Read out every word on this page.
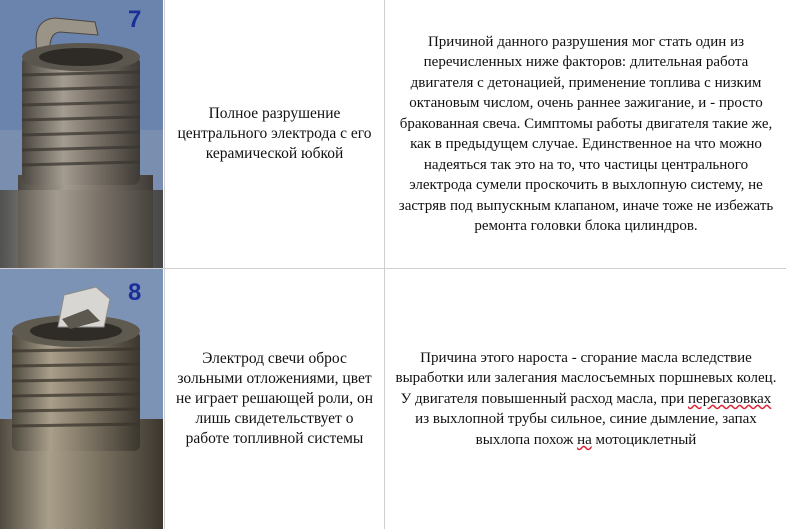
7
Полное разрушение центрального электрода с его керамической юбкой
Причиной данного разрушения мог стать один из перечисленных ниже факторов: длительная работа двигателя с детонацией, применение топлива с низким октановым числом, очень раннее зажигание, и - просто бракованная свеча. Симптомы работы двигателя такие же, как в предыдущем случае. Единственное на что можно надеяться так это на то, что частицы центрального электрода сумели проскочить в выхлопную систему, не застряв под выпускным клапаном, иначе тоже не избежать ремонта головки блока цилиндров.
8
Электрод свечи оброс зольными отложениями, цвет не играет решающей роли, он лишь свидетельствует о работе топливной системы
Причина этого нароста - сгорание масла вследствие выработки или залегания маслосъемных поршневых колец. У двигателя повышенный расход масла, при перегазовках из выхлопной трубы сильное, синие дымление, запах выхлопа похож на мотоциклетный
